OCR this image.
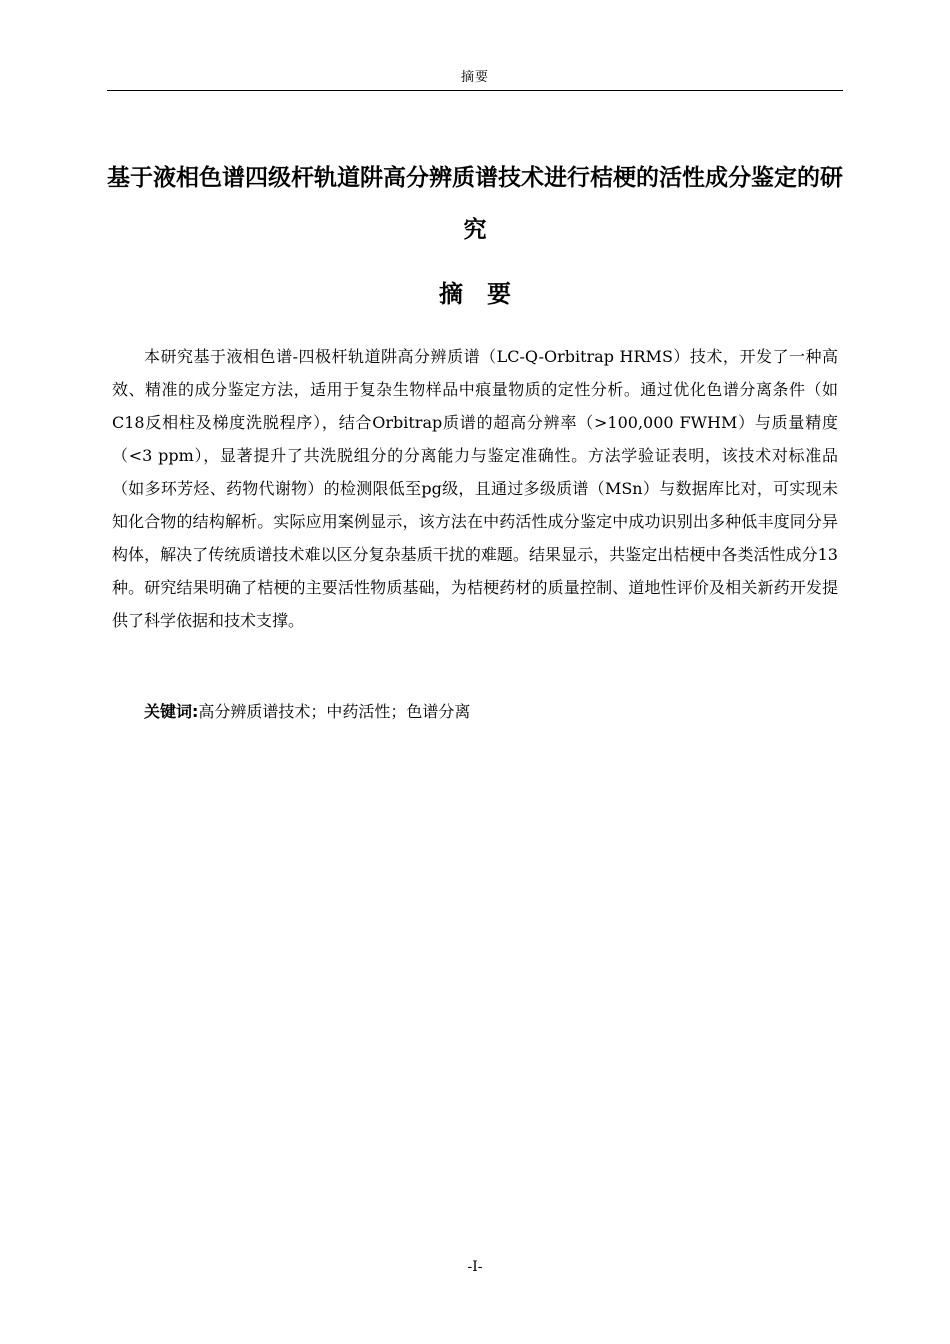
摘要
基于液相色谱四级杆轨道阱高分辨质谱技术进行桔梗的活性成分鉴定的研究
摘要

本研究基于液相色谱-四极杆轨道阱高分辨质谱（LC-Q-Orbitrap HRMS）技术，开发了一种高效、精准的成分鉴定方法，适用于复杂生物样品中痕量物质的定性分析。通过优化色谱分离条件（如C18反相柱及梯度洗脱程序），结合Orbitrap质谱的超高分辨率（>100,000 FWHM）与质量精度（<3 ppm），显著提升了共洗脱组分的分离能力与鉴定准确性。方法学验证表明，该技术对标准品（如多环芳烃、药物代谢物）的检测限低至pg级，且通过多级质谱（MSn）与数据库比对，可实现未知化合物的结构解析。实际应用案例显示，该方法在中药活性成分鉴定中成功识别出多种低丰度同分异构体，解决了传统质谱技术难以区分复杂基质干扰的难题。结果显示，共鉴定出桔梗中各类活性成分13种。研究结果明确了桔梗的主要活性物质基础，为桔梗药材的质量控制、道地性评价及相关新药开发提供了科学依据和技术支撑。

关键词:高分辨质谱技术；中药活性；色谱分离

-I-
